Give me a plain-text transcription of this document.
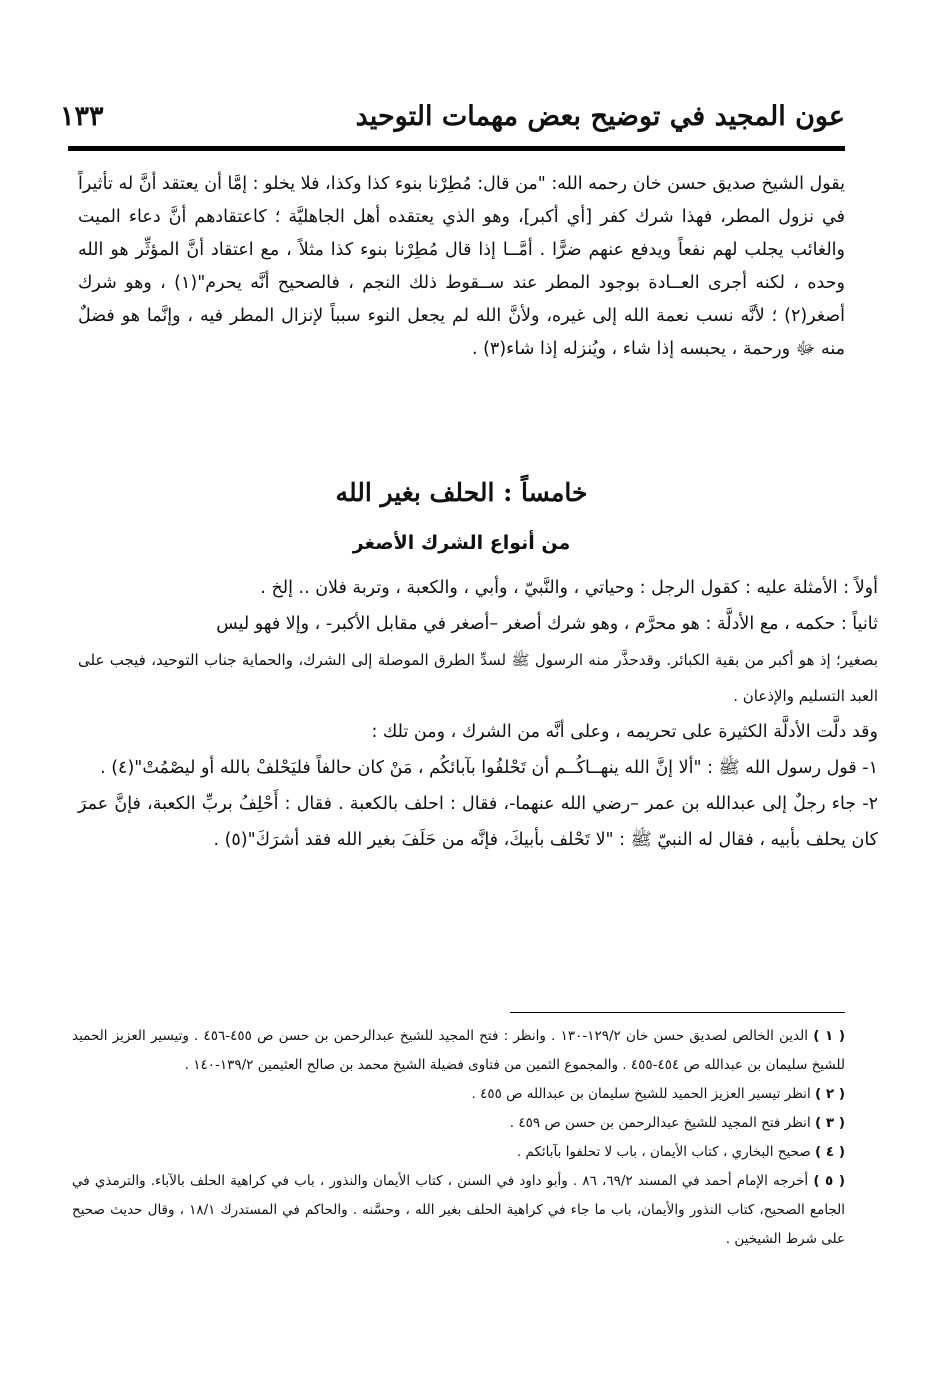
عون المجيد في توضيح بعض مهمات التوحيد
١٣٣

يقول الشيخ صديق حسن خان رحمه الله: "من قال: مُطِرْنا بنوء كذا وكذا، فلا يخلو : إمَّا أن يعتقد أنَّ له تأثيراً في نزول المطر، فهذا شرك كفر [أي أكبر]، وهو الذي يعتقده أهل الجاهليَّة ؛ كاعتقادهم أنَّ دعاء الميت والغائب يجلب لهم نفعاً ويدفع عنهم ضرًّا . أمَّــا إذا قال مُطِرْنا بنوء كذا مثلاً ، مع اعتقاد أنَّ المؤثِّر هو الله وحده ، لكنه أجرى العــادة بوجود المطر عند ســقوط ذلك النجم ، فالصحيح أنَّه يحرم"(١) ، وهو شرك أصغر(٢) ؛ لأنَّه نسب نعمة الله إلى غيره، ولأنَّ الله لم يجعل النوء سبباً لإنزال المطر فيه ، وإنَّما هو فضلٌ منه ﷻ ورحمة ، يحبسه إذا شاء ، ويُنزله إذا شاء(٣) .

خامساً : الحلف بغير الله
من أنواع الشرك الأصغر

أولاً : الأمثلة عليه : كقول الرجل : وحياتي ، والنَّبيّ ، وأبي ، والكعبة ، وتربة فلان .. إلخ .

ثانياً : حكمه ، مع الأدلَّة : هو محرَّم ، وهو شرك أصغر –أصغر في مقابل الأكبر- ، وإلا فهو ليس

بصغير؛ إذ هو أكبر من بقية الكبائر. وقدحذَّر منه الرسول ﷺ لسدِّ الطرق الموصلة إلى الشرك، والحماية جناب التوحيد، فيجب على العبد التسليم والإذعان .

وقد دلَّت الأدلَّة الكثيرة على تحريمه ، وعلى أنَّه من الشرك ، ومن تلك :

١- قول رسول الله ﷺ : "ألا إنَّ الله ينهــاكُــم أن تَحْلفُوا بآبائكُم ، مَنْ كان حالفاً فليَحْلفْ بالله أو ليصْمُتْ"(٤) .

٢- جاء رجلٌ إلى عبدالله بن عمر –رضي الله عنهما-، فقال : احلف بالكعبة . فقال : أَحْلِفُ بربِّ الكعبة، فإنَّ عمرَ كان يحلف بأبيه ، فقال له النبيّ ﷺ : "لا تَحْلف بأبيكَ، فإنَّه من حَلَفَ بغير الله فقد أشرَكَ"(٥) .

( ١ ) الدين الخالص لصديق حسن خان ١٢٩/٢-١٣٠ . وانظر : فتح المجيد للشيخ عبدالرحمن بن حسن ص ٤٥٥-٤٥٦ . وتيسير العزيز الحميد للشيخ سليمان بن عبدالله ص ٤٥٤-٤٥٥ . والمجموع الثمين من فتاوى فضيلة الشيخ محمد بن صالح العثيمين ١٣٩/٢-١٤٠ .

( ٢ ) انظر تيسير العزيز الحميد للشيخ سليمان بن عبدالله ص ٤٥٥ .

( ٣ ) انظر فتح المجيد للشيخ عبدالرحمن بن حسن ص ٤٥٩ .

( ٤ ) صحيح البخاري ، كتاب الأيمان ، باب لا تحلفوا بآبائكم .

( ٥ ) أخرجه الإمام أحمد في المسند ٦٩/٢، ٨٦ . وأبو داود في السنن ، كتاب الأيمان والنذور ، باب في كراهية الحلف بالآباء. والترمذي في الجامع الصحيح، كتاب النذور والأيمان، باب ما جاء في كراهية الحلف بغير الله ، وحسَّنه . والحاكم في المستدرك ١٨/١ ، وقال حديث صحيح على شرط الشيخين .
